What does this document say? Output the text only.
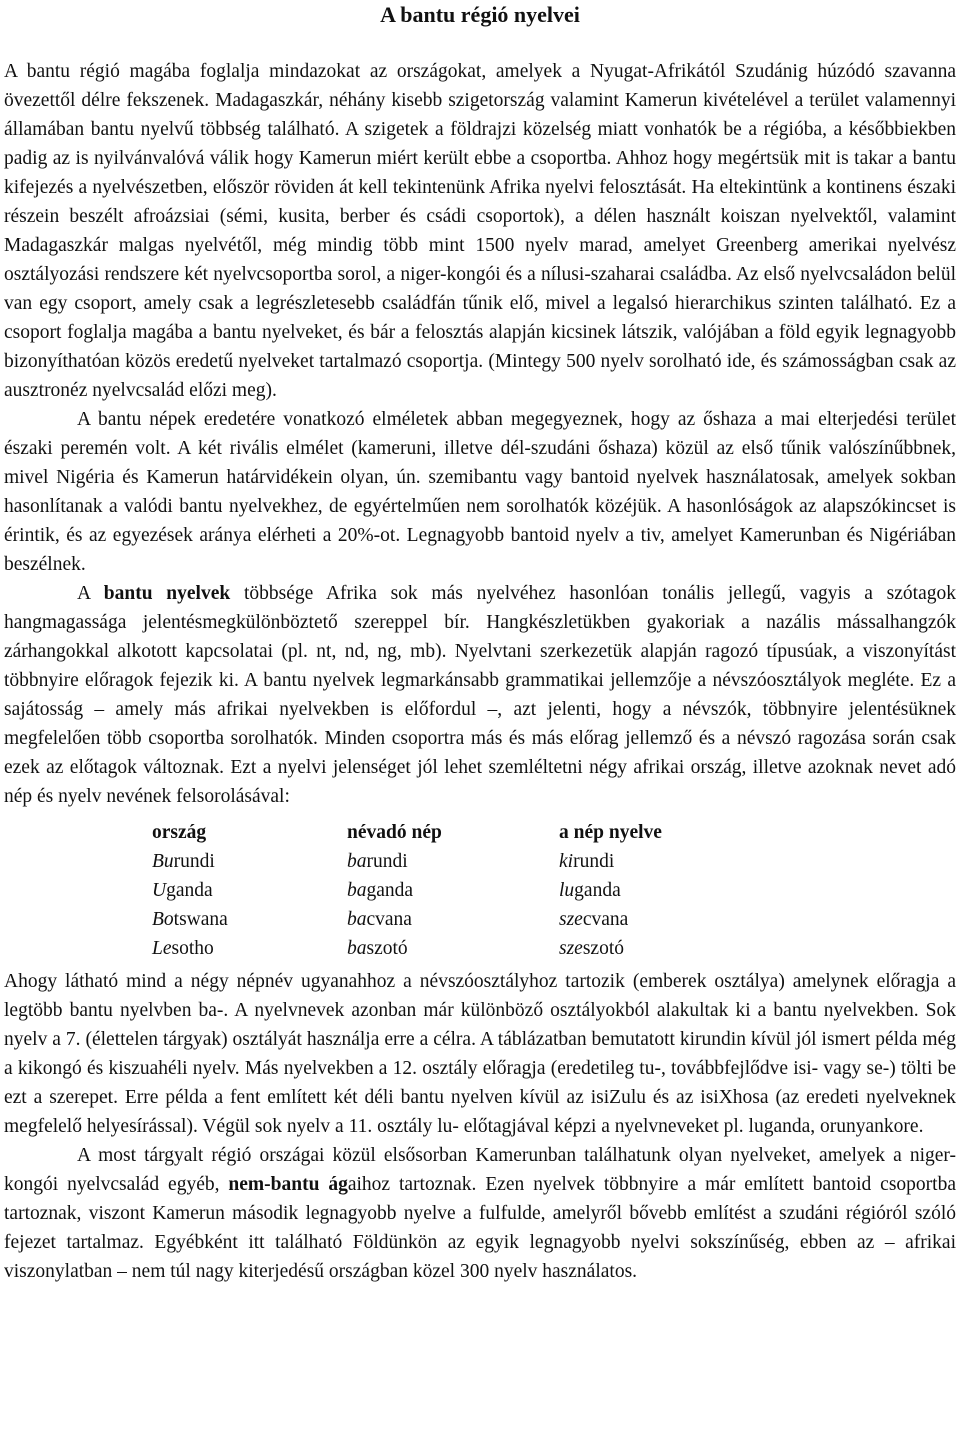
A bantu régió nyelvei

A bantu régió magába foglalja mindazokat az országokat, amelyek a Nyugat-Afrikától Szudánig húzódó szavanna övezettől délre fekszenek. Madagaszkár, néhány kisebb szigetország valamint Kamerun kivételével a terület valamennyi államában bantu nyelvű többség található. A szigetek a földrajzi közelség miatt vonhatók be a régióba, a későbbiekben padig az is nyilvánvalóvá válik hogy Kamerun miért került ebbe a csoportba. Ahhoz hogy megértsük mit is takar a bantu kifejezés a nyelvészetben, először röviden át kell tekintenünk Afrika nyelvi felosztását. Ha eltekintünk a kontinens északi részein beszélt afroázsiai (sémi, kusita, berber és csádi csoportok), a délen használt koiszan nyelvektől, valamint Madagaszkár malgas nyelvétől, még mindig több mint 1500 nyelv marad, amelyet Greenberg amerikai nyelvész osztályozási rendszere két nyelvcsoportba sorol, a niger-kongói és a nílusi-szaharai családba. Az első nyelvcsaládon belül van egy csoport, amely csak a legrészletesebb családfán tűnik elő, mivel a legalsó hierarchikus szinten található. Ez a csoport foglalja magába a bantu nyelveket, és bár a felosztás alapján kicsinek látszik, valójában a föld egyik legnagyobb bizonyíthatóan közös eredetű nyelveket tartalmazó csoportja. (Mintegy 500 nyelv sorolható ide, és számosságban csak az ausztronéz nyelvcsalád előzi meg).

A bantu népek eredetére vonatkozó elméletek abban megegyeznek, hogy az őshaza a mai elterjedési terület északi peremén volt. A két rivális elmélet (kameruni, illetve dél-szudáni őshaza) közül az első tűnik valószínűbbnek, mivel Nigéria és Kamerun határvidékein olyan, ún. szemibantu vagy bantoid nyelvek használatosak, amelyek sokban hasonlítanak a valódi bantu nyelvekhez, de egyértelműen nem sorolhatók közéjük. A hasonlóságok az alapszókincset is érintik, és az egyezések aránya elérheti a 20%-ot. Legnagyobb bantoid nyelv a tiv, amelyet Kamerunban és Nigériában beszélnek.

A bantu nyelvek többsége Afrika sok más nyelvéhez hasonlóan tonális jellegű, vagyis a szótagok hangmagassága jelentésmegkülönböztető szereppel bír. Hangkészletükben gyakoriak a nazális mássalhangzók zárhangokkal alkotott kapcsolatai (pl. nt, nd, ng, mb). Nyelvtani szerkezetük alapján ragozó típusúak, a viszonyítást többnyire előragok fejezik ki. A bantu nyelvek legmarkánsabb grammatikai jellemzője a névszóosztályok megléte. Ez a sajátosság – amely más afrikai nyelvekben is előfordul –, azt jelenti, hogy a névszók, többnyire jelentésüknek megfelelően több csoportba sorolhatók. Minden csoportra más és más előrag jellemző és a névszó ragozása során csak ezek az előtagok változnak. Ezt a nyelvi jelenséget jól lehet szemléltetni négy afrikai ország, illetve azoknak nevet adó nép és nyelv nevének felsorolásával:

ország	névadó nép	a nép nyelve
Burundi	barundi	kirundi
Uganda	baganda	luganda
Botswana	bacvana	szecvana
Lesotho	baszotó	szeszotó

Ahogy látható mind a négy népnév ugyanahhoz a névszóosztályhoz tartozik (emberek osztálya) amelynek előragja a legtöbb bantu nyelvben ba-. A nyelvnevek azonban már különböző osztályokból alakultak ki a bantu nyelvekben. Sok nyelv a 7. (élettelen tárgyak) osztályát használja erre a célra. A táblázatban bemutatott kirundin kívül jól ismert példa még a kikongó és kiszuahéli nyelv. Más nyelvekben a 12. osztály előragja (eredetileg tu-, továbbfejlődve isi- vagy se-) tölti be ezt a szerepet. Erre példa a fent említett két déli bantu nyelven kívül az isiZulu és az isiXhosa (az eredeti nyelveknek megfelelő helyesírással). Végül sok nyelv a 11. osztály lu- előtagjával képzi a nyelvneveket pl. luganda, orunyankore.

A most tárgyalt régió országai közül elsősorban Kamerunban találhatunk olyan nyelveket, amelyek a niger-kongói nyelvcsalád egyéb, nem-bantu ágaihoz tartoznak. Ezen nyelvek többnyire a már említett bantoid csoportba tartoznak, viszont Kamerun második legnagyobb nyelve a fulfulde, amelyről bővebb említést a szudáni régióról szóló fejezet tartalmaz. Egyébként itt található Földünkön az egyik legnagyobb nyelvi sokszínűség, ebben az – afrikai viszonylatban – nem túl nagy kiterjedésű országban közel 300 nyelv használatos.
